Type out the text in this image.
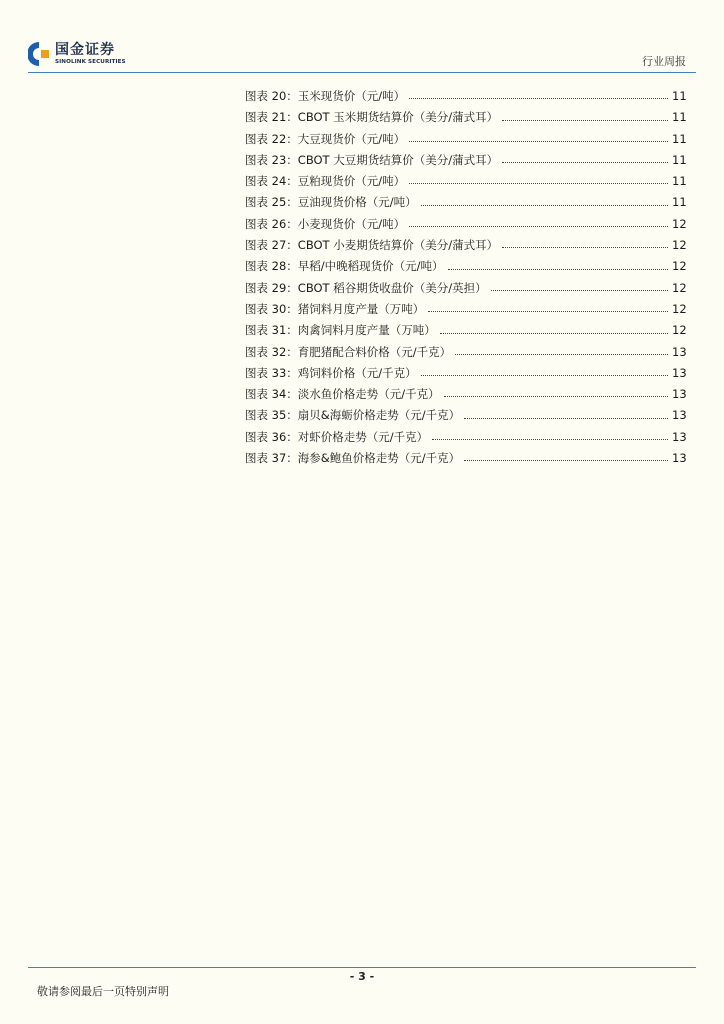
国金证券
SINOLINK SECURITIES	行业周报
图表 20：玉米现货价（元/吨）	11
图表 21：CBOT 玉米期货结算价（美分/蒲式耳）	11
图表 22：大豆现货价（元/吨）	11
图表 23：CBOT 大豆期货结算价（美分/蒲式耳）	11
图表 24：豆粕现货价（元/吨）	11
图表 25：豆油现货价格（元/吨）	11
图表 26：小麦现货价（元/吨）	12
图表 27：CBOT 小麦期货结算价（美分/蒲式耳）	12
图表 28：早稻/中晚稻现货价（元/吨）	12
图表 29：CBOT 稻谷期货收盘价（美分/英担）	12
图表 30：猪饲料月度产量（万吨）	12
图表 31：肉禽饲料月度产量（万吨）	12
图表 32：育肥猪配合料价格（元/千克）	13
图表 33：鸡饲料价格（元/千克）	13
图表 34：淡水鱼价格走势（元/千克）	13
图表 35：扇贝&海蛎价格走势（元/千克）	13
图表 36：对虾价格走势（元/千克）	13
图表 37：海参&鲍鱼价格走势（元/千克）	13
- 3 -
敬请参阅最后一页特别声明
